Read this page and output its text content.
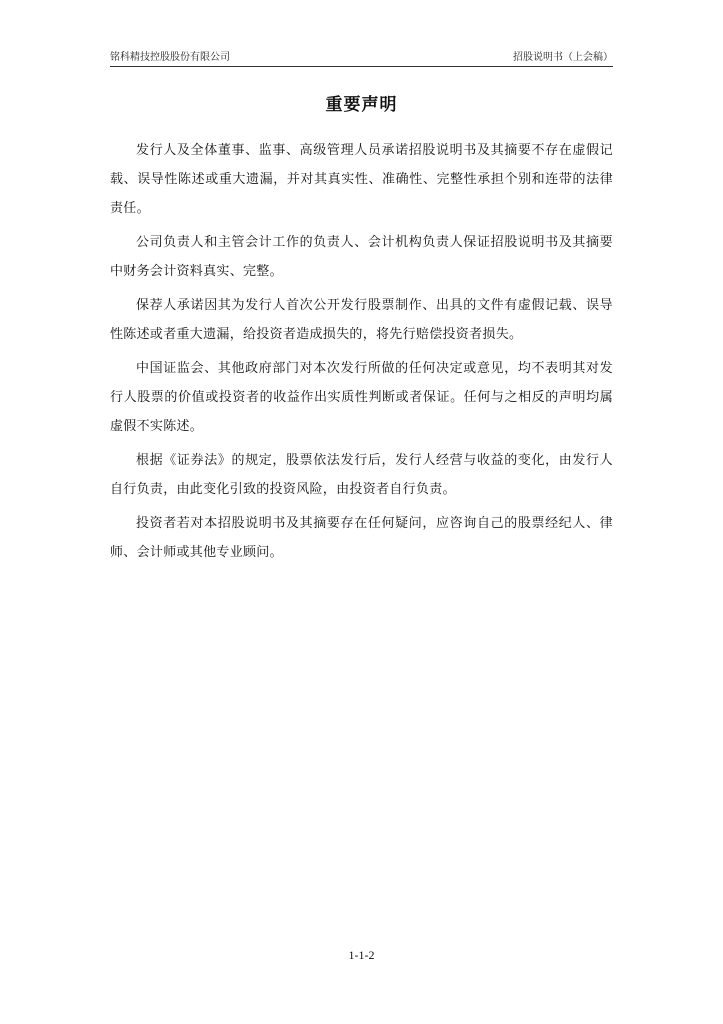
铭科精技控股股份有限公司	招股说明书（上会稿）
重要声明

发行人及全体董事、监事、高级管理人员承诺招股说明书及其摘要不存在虚假记载、误导性陈述或重大遗漏，并对其真实性、准确性、完整性承担个别和连带的法律责任。

公司负责人和主管会计工作的负责人、会计机构负责人保证招股说明书及其摘要中财务会计资料真实、完整。

保荐人承诺因其为发行人首次公开发行股票制作、出具的文件有虚假记载、误导性陈述或者重大遗漏，给投资者造成损失的，将先行赔偿投资者损失。

中国证监会、其他政府部门对本次发行所做的任何决定或意见，均不表明其对发行人股票的价值或投资者的收益作出实质性判断或者保证。任何与之相反的声明均属虚假不实陈述。

根据《证券法》的规定，股票依法发行后，发行人经营与收益的变化，由发行人自行负责，由此变化引致的投资风险，由投资者自行负责。

投资者若对本招股说明书及其摘要存在任何疑问，应咨询自己的股票经纪人、律师、会计师或其他专业顾问。

1-1-2
